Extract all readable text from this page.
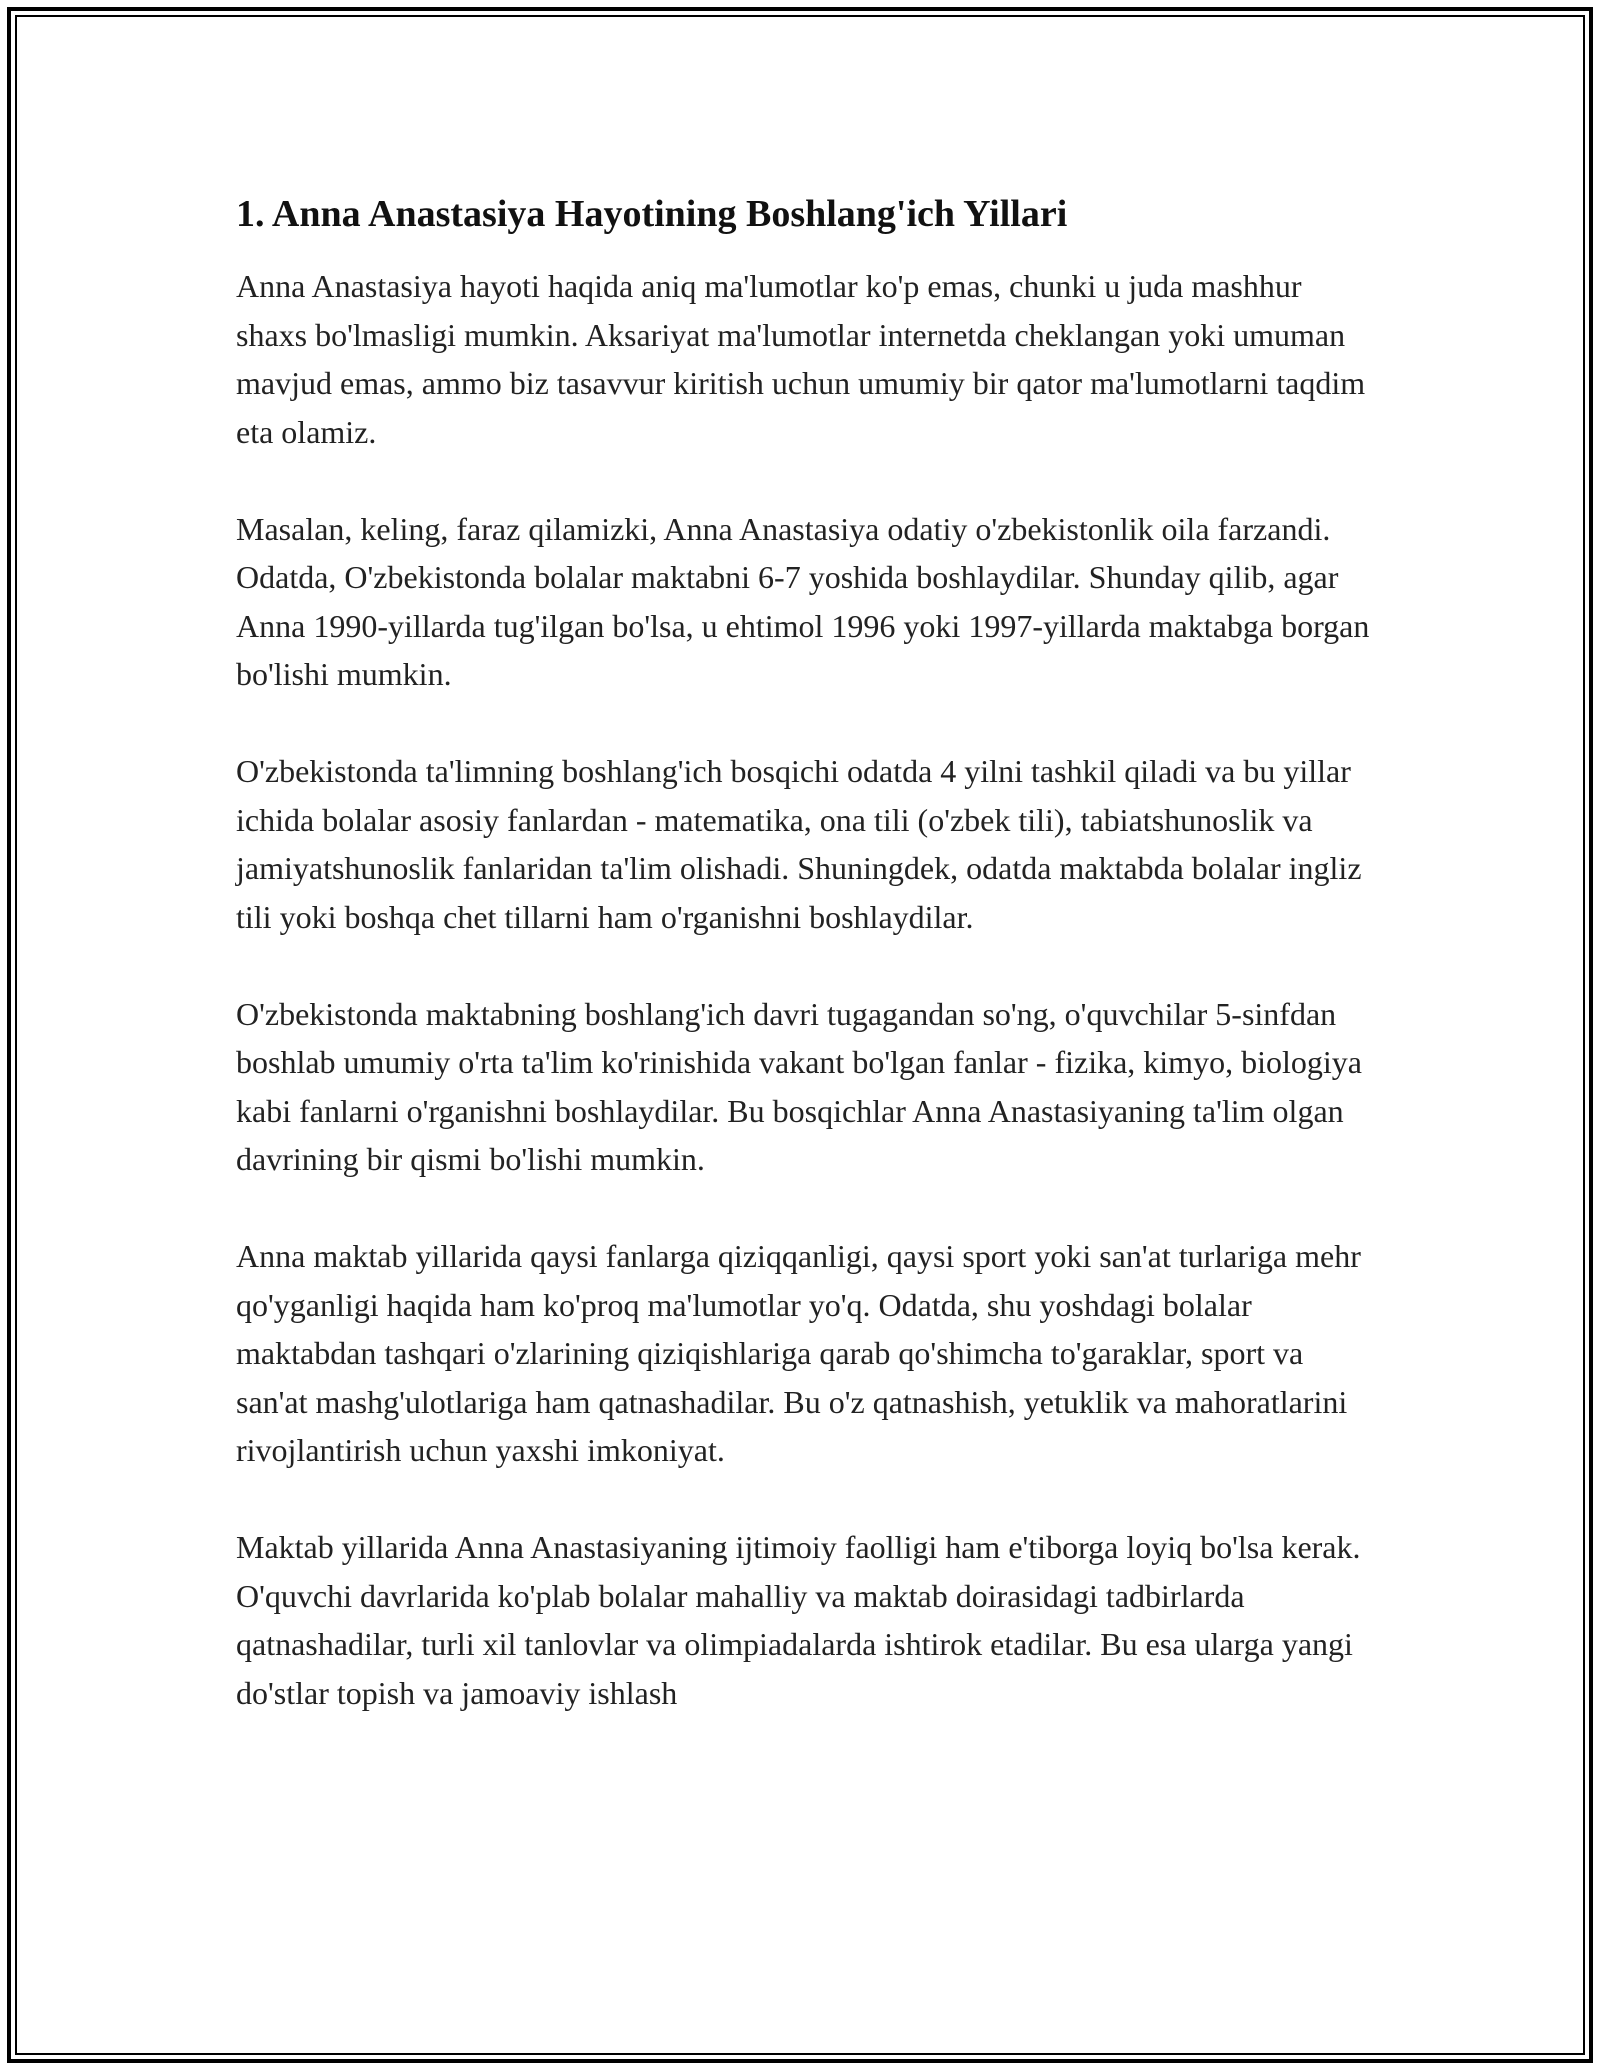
1. Anna Anastasiya Hayotining Boshlang'ich Yillari

Anna Anastasiya hayoti haqida aniq ma'lumotlar ko'p emas, chunki u juda mashhur shaxs bo'lmasligi mumkin. Aksariyat ma'lumotlar internetda cheklangan yoki umuman mavjud emas, ammo biz tasavvur kiritish uchun umumiy bir qator ma'lumotlarni taqdim eta olamiz.

Masalan, keling, faraz qilamizki, Anna Anastasiya odatiy o'zbekistonlik oila farzandi. Odatda, O'zbekistonda bolalar maktabni 6-7 yoshida boshlaydilar. Shunday qilib, agar Anna 1990-yillarda tug'ilgan bo'lsa, u ehtimol 1996 yoki 1997-yillarda maktabga borgan bo'lishi mumkin.

O'zbekistonda ta'limning boshlang'ich bosqichi odatda 4 yilni tashkil qiladi va bu yillar ichida bolalar asosiy fanlardan - matematika, ona tili (o'zbek tili), tabiatshunoslik va jamiyatshunoslik fanlaridan ta'lim olishadi. Shuningdek, odatda maktabda bolalar ingliz tili yoki boshqa chet tillarni ham o'rganishni boshlaydilar.

O'zbekistonda maktabning boshlang'ich davri tugagandan so'ng, o'quvchilar 5-sinfdan boshlab umumiy o'rta ta'lim ko'rinishida vakant bo'lgan fanlar - fizika, kimyo, biologiya kabi fanlarni o'rganishni boshlaydilar. Bu bosqichlar Anna Anastasiyaning ta'lim olgan davrining bir qismi bo'lishi mumkin.

Anna maktab yillarida qaysi fanlarga qiziqqanligi, qaysi sport yoki san'at turlariga mehr qo'yganligi haqida ham ko'proq ma'lumotlar yo'q. Odatda, shu yoshdagi bolalar maktabdan tashqari o'zlarining qiziqishlariga qarab qo'shimcha to'garaklar, sport va san'at mashg'ulotlariga ham qatnashadilar. Bu o'z qatnashish, yetuklik va mahoratlarini rivojlantirish uchun yaxshi imkoniyat.

Maktab yillarida Anna Anastasiyaning ijtimoiy faolligi ham e'tiborga loyiq bo'lsa kerak. O'quvchi davrlarida ko'plab bolalar mahalliy va maktab doirasidagi tadbirlarda qatnashadilar, turli xil tanlovlar va olimpiadalarda ishtirok etadilar. Bu esa ularga yangi do'stlar topish va jamoaviy ishlash
